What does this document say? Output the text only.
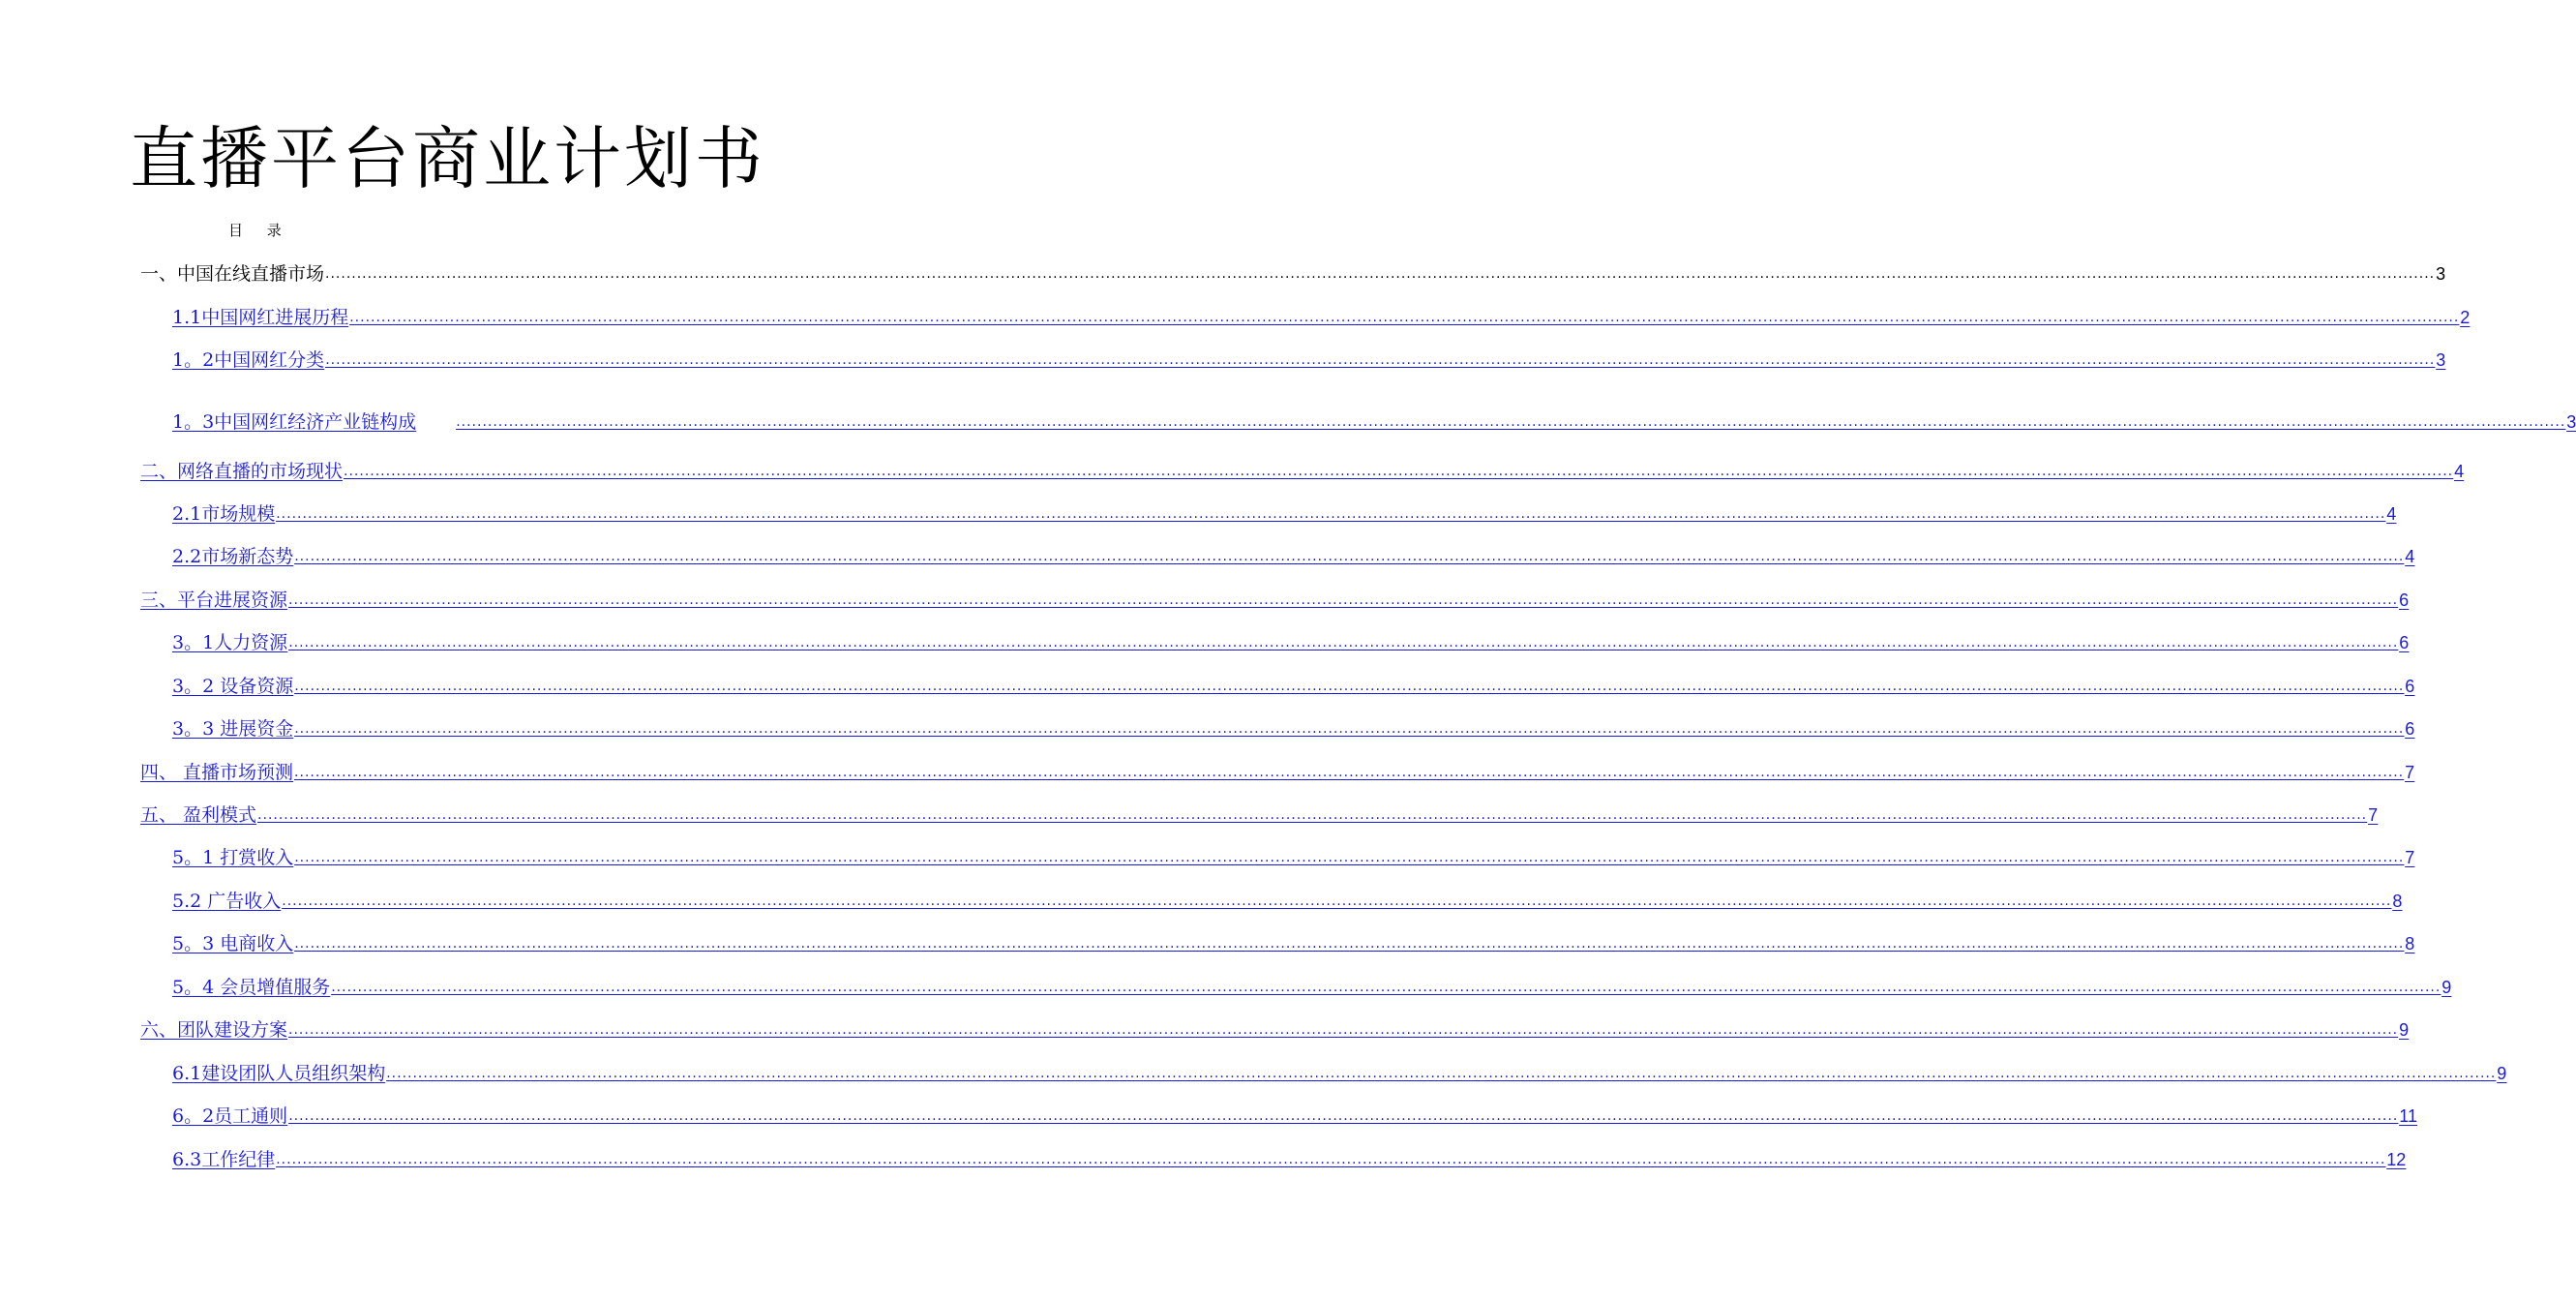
直播平台商业计划书
目 录
一、中国在线直播市场 ................................................................................................................................................................................................................................................................................................................................................................................................................ 3
1.1中国网红进展历程 ................................................................................................................................................................................................................................................................................................................................................................................................................ 2
1。2中国网红分类 ................................................................................................................................................................................................................................................................................................................................................................................................................ 3
1。3中国网红经济产业链构成	................................................................................................................................................................................................................................................................................................................................................................................................................ 3
二、网络直播的市场现状 ................................................................................................................................................................................................................................................................................................................................................................................................................ 4
2.1市场规模 ................................................................................................................................................................................................................................................................................................................................................................................................................ 4
2.2市场新态势 ................................................................................................................................................................................................................................................................................................................................................................................................................ 4
三、平台进展资源 ................................................................................................................................................................................................................................................................................................................................................................................................................ 6
3。1人力资源 ................................................................................................................................................................................................................................................................................................................................................................................................................ 6
3。2 设备资源 ................................................................................................................................................................................................................................................................................................................................................................................................................ 6
3。3 进展资金 ................................................................................................................................................................................................................................................................................................................................................................................................................ 6
四、 直播市场预测 ................................................................................................................................................................................................................................................................................................................................................................................................................ 7
五、 盈利模式 ................................................................................................................................................................................................................................................................................................................................................................................................................ 7
5。1 打赏收入 ................................................................................................................................................................................................................................................................................................................................................................................................................ 7
5.2 广告收入 ................................................................................................................................................................................................................................................................................................................................................................................................................ 8
5。3 电商收入 ................................................................................................................................................................................................................................................................................................................................................................................................................ 8
5。4 会员增值服务 ................................................................................................................................................................................................................................................................................................................................................................................................................ 9
六、团队建设方案 ................................................................................................................................................................................................................................................................................................................................................................................................................ 9
6.1建设团队人员组织架构 ................................................................................................................................................................................................................................................................................................................................................................................................................ 9
6。2员工通则 ................................................................................................................................................................................................................................................................................................................................................................................................................ 11
6.3工作纪律 ................................................................................................................................................................................................................................................................................................................................................................................................................ 12
